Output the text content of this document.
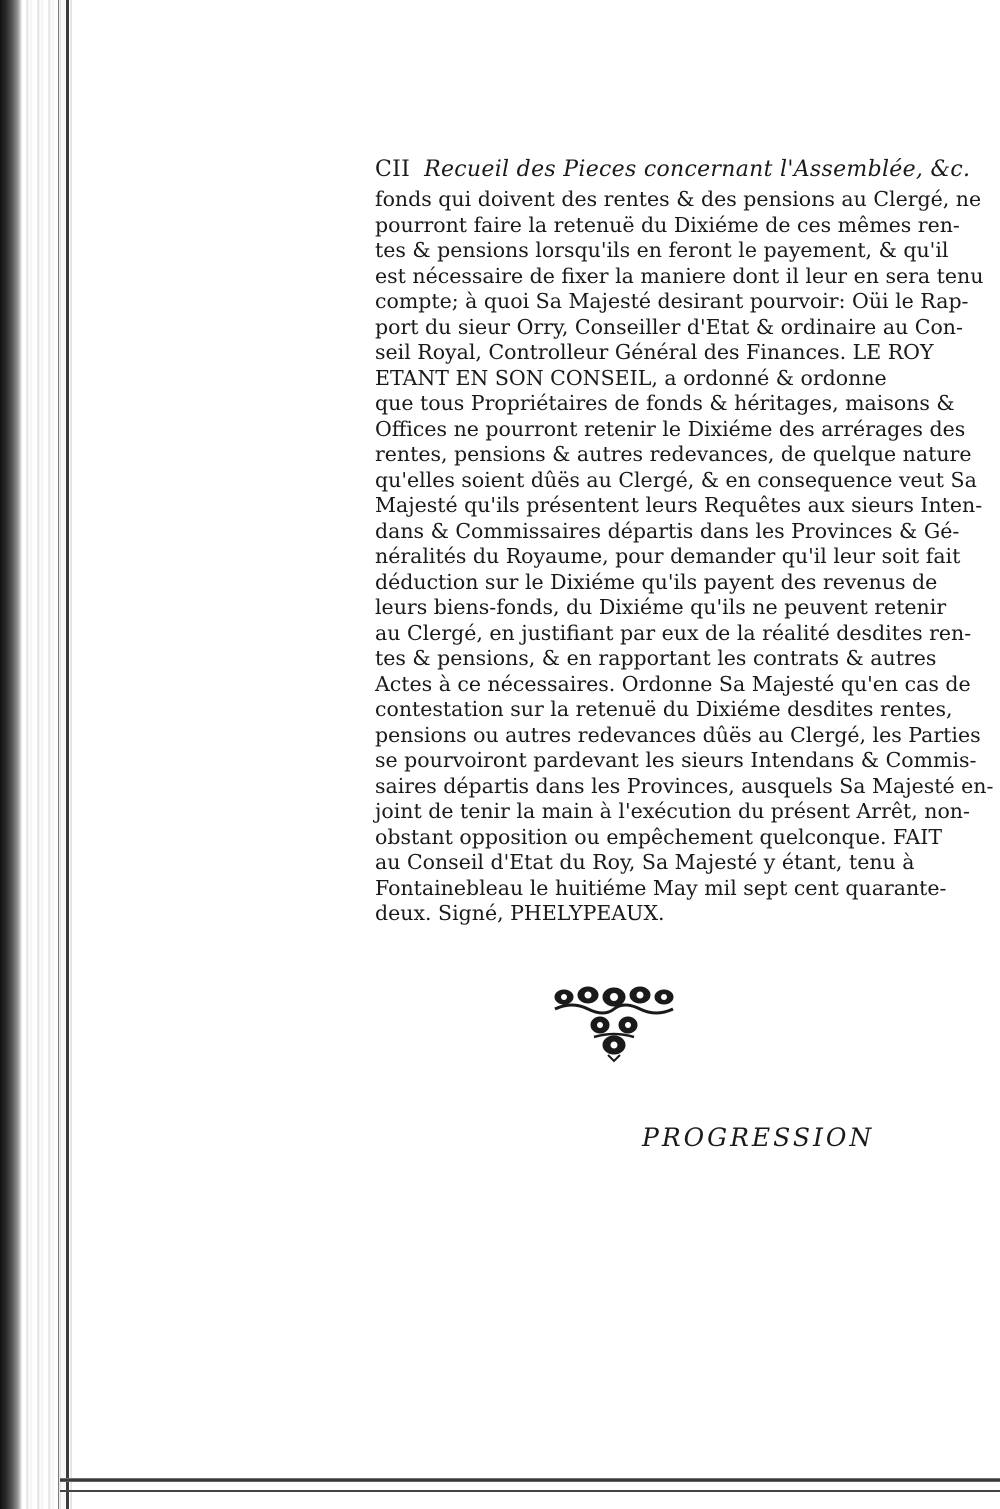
CII Recueil des Pieces concernant l'Assemblée, &c.
fonds qui doivent des rentes & des pensions au Clergé, ne
pourront faire la retenuë du Dixiéme de ces mêmes ren-
tes & pensions lorsqu'ils en feront le payement, & qu'il
est nécessaire de fixer la maniere dont il leur en sera tenu
compte; à quoi Sa Majesté desirant pourvoir: Oüi le Rap-
port du sieur Orry, Conseiller d'Etat & ordinaire au Con-
seil Royal, Controlleur Général des Finances. LE ROY
ETANT EN SON CONSEIL, a ordonné & ordonne
que tous Propriétaires de fonds & héritages, maisons &
Offices ne pourront retenir le Dixiéme des arrérages des
rentes, pensions & autres redevances, de quelque nature
qu'elles soient dûës au Clergé, & en consequence veut Sa
Majesté qu'ils présentent leurs Requêtes aux sieurs Inten-
dans & Commissaires départis dans les Provinces & Gé-
néralités du Royaume, pour demander qu'il leur soit fait
déduction sur le Dixiéme qu'ils payent des revenus de
leurs biens-fonds, du Dixiéme qu'ils ne peuvent retenir
au Clergé, en justifiant par eux de la réalité desdites ren-
tes & pensions, & en rapportant les contrats & autres
Actes à ce nécessaires. Ordonne Sa Majesté qu'en cas de
contestation sur la retenuë du Dixiéme desdites rentes,
pensions ou autres redevances dûës au Clergé, les Parties
se pourvoiront pardevant les sieurs Intendans & Commis-
saires départis dans les Provinces, ausquels Sa Majesté en-
joint de tenir la main à l'exécution du présent Arrêt, non-
obstant opposition ou empêchement quelconque. FAIT
au Conseil d'Etat du Roy, Sa Majesté y étant, tenu à
Fontainebleau le huitiéme May mil sept cent quarante-
deux. Signé, PHELYPEAUX.
PROGRESSION
